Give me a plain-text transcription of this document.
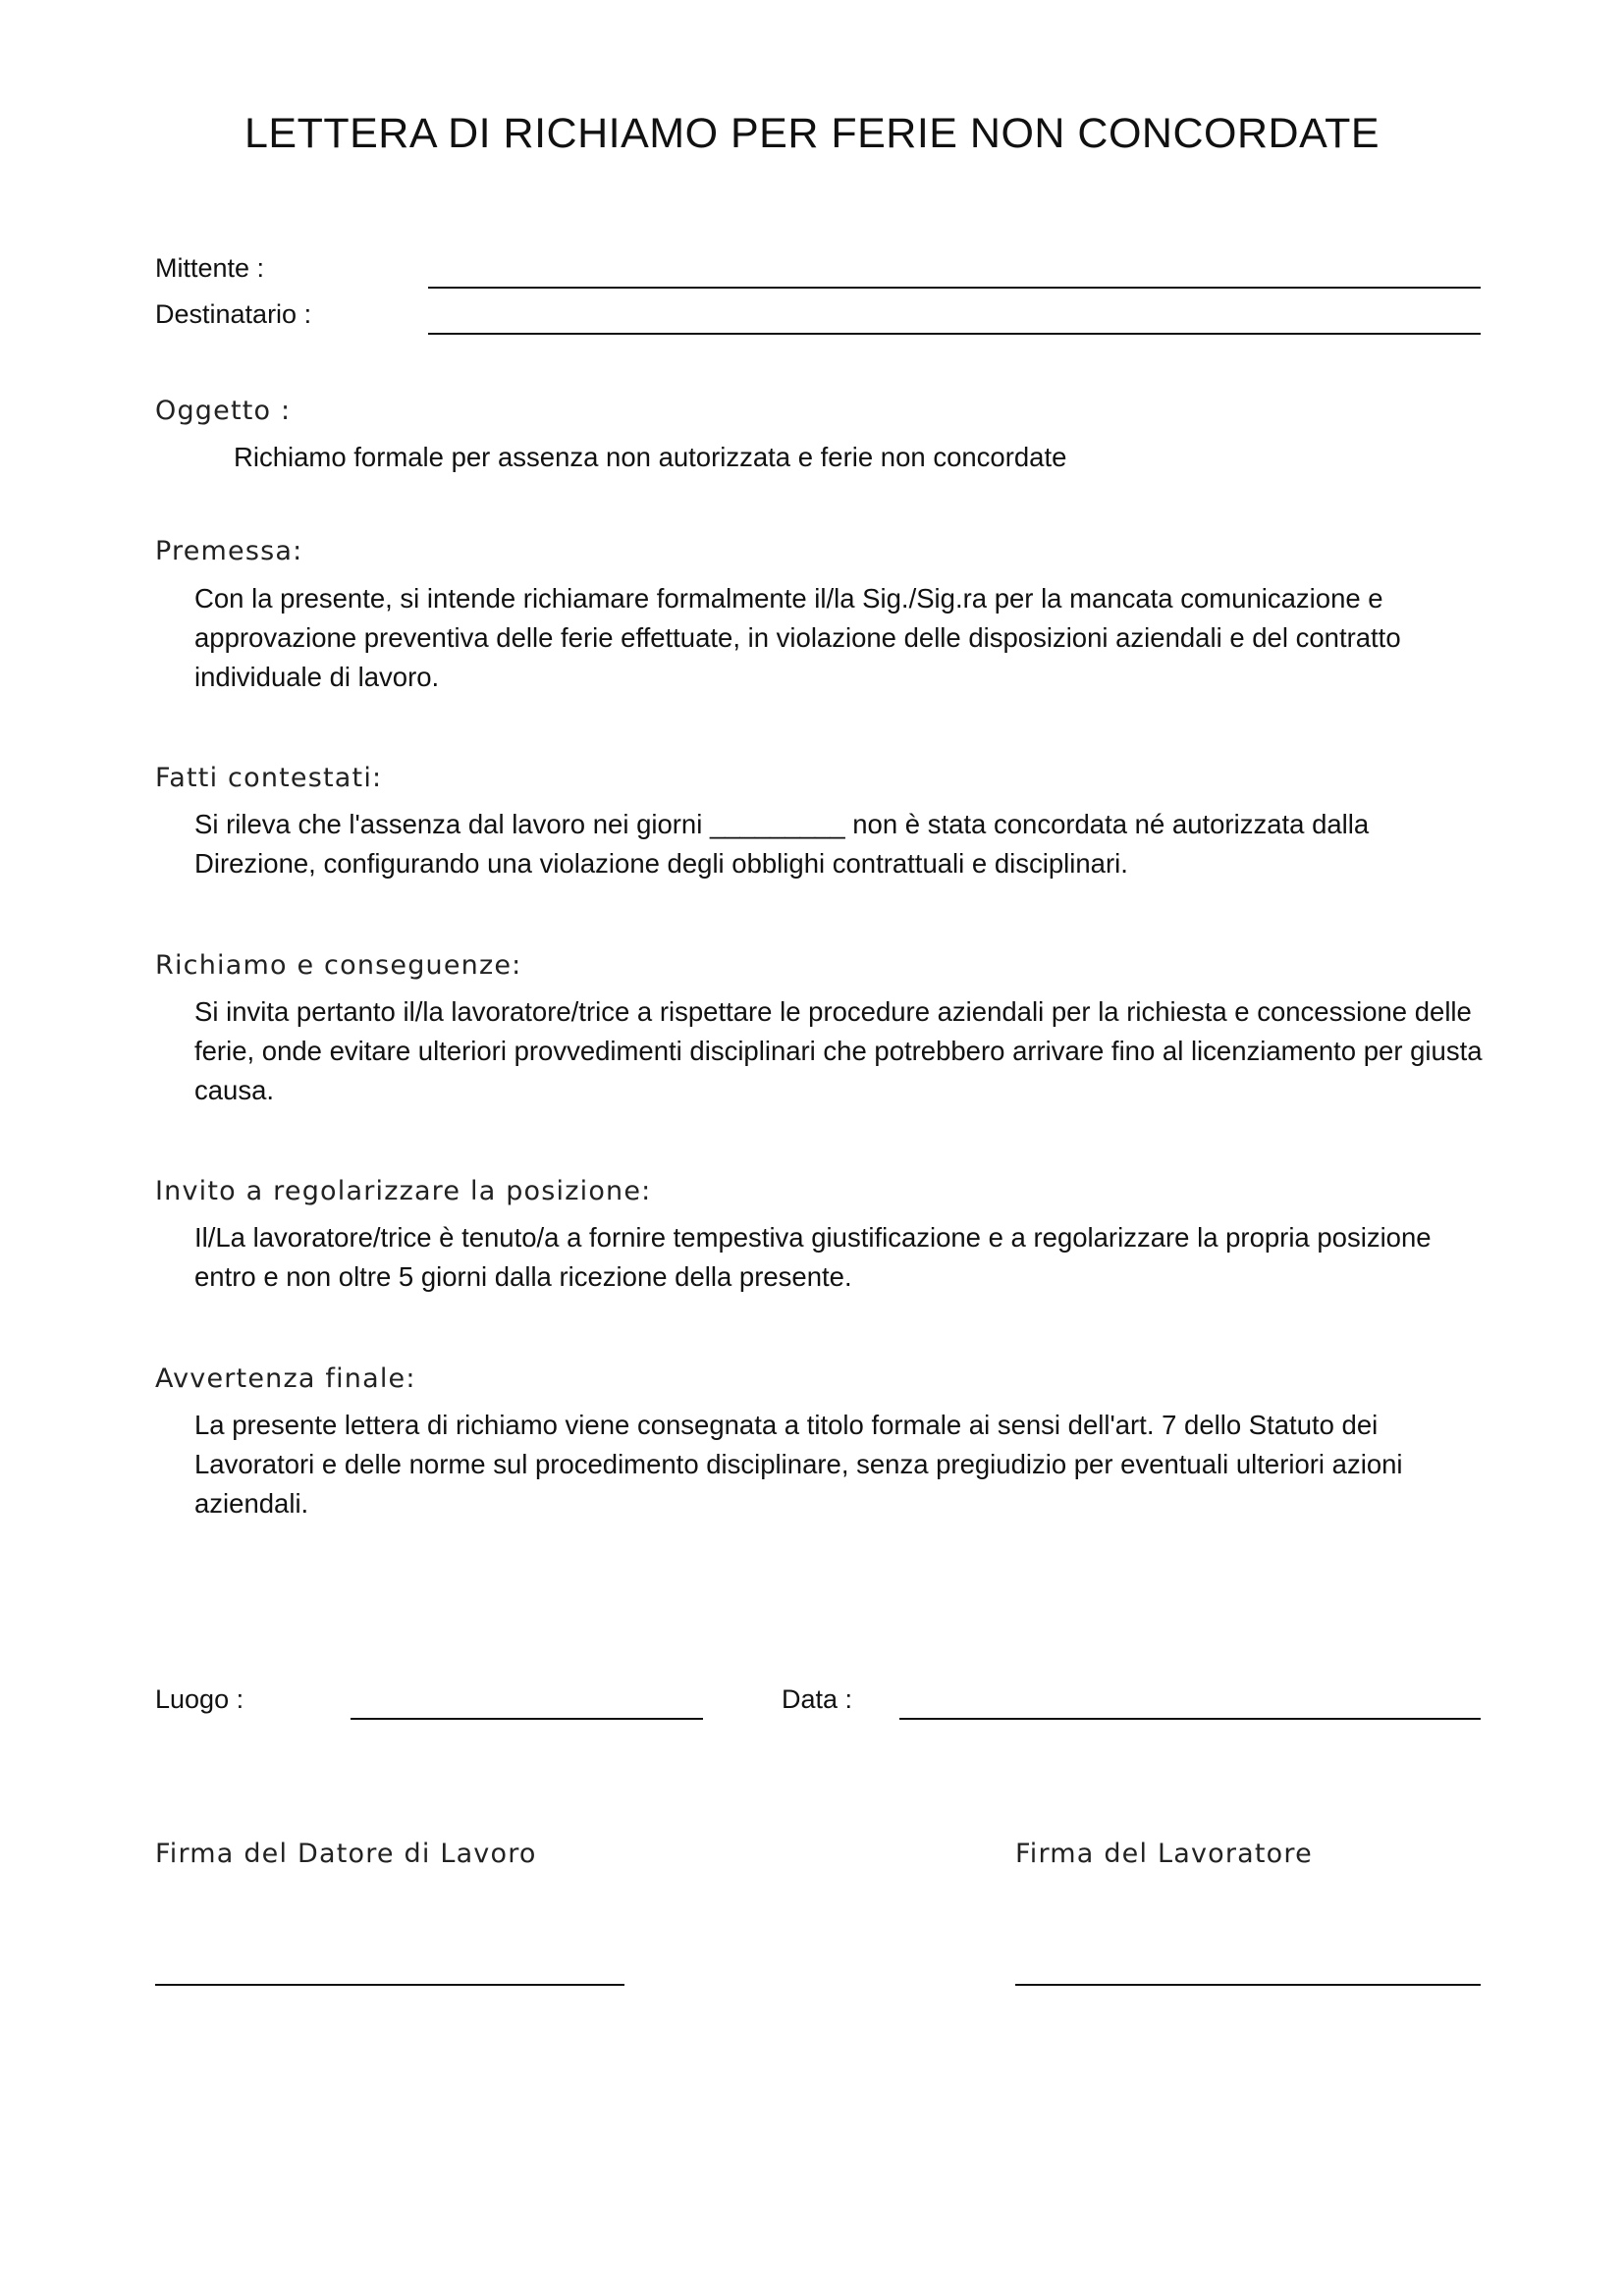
LETTERA DI RICHIAMO PER FERIE NON CONCORDATE
Mittente :
Destinatario :
Oggetto :
Richiamo formale per assenza non autorizzata e ferie non concordate
Premessa:
Con la presente, si intende richiamare formalmente il/la Sig./Sig.ra per la mancata comunicazione e approvazione preventiva delle ferie effettuate, in violazione delle disposizioni aziendali e del contratto individuale di lavoro.
Fatti contestati:
Si rileva che l'assenza dal lavoro nei giorni _________ non è stata concordata né autorizzata dalla Direzione, configurando una violazione degli obblighi contrattuali e disciplinari.
Richiamo e conseguenze:
Si invita pertanto il/la lavoratore/trice a rispettare le procedure aziendali per la richiesta e concessione delle ferie, onde evitare ulteriori provvedimenti disciplinari che potrebbero arrivare fino al licenziamento per giusta causa.
Invito a regolarizzare la posizione:
Il/La lavoratore/trice è tenuto/a a fornire tempestiva giustificazione e a regolarizzare la propria posizione entro e non oltre 5 giorni dalla ricezione della presente.
Avvertenza finale:
La presente lettera di richiamo viene consegnata a titolo formale ai sensi dell'art. 7 dello Statuto dei Lavoratori e delle norme sul procedimento disciplinare, senza pregiudizio per eventuali ulteriori azioni aziendali.
Luogo :	Data :
Firma del Datore di Lavoro	Firma del Lavoratore
